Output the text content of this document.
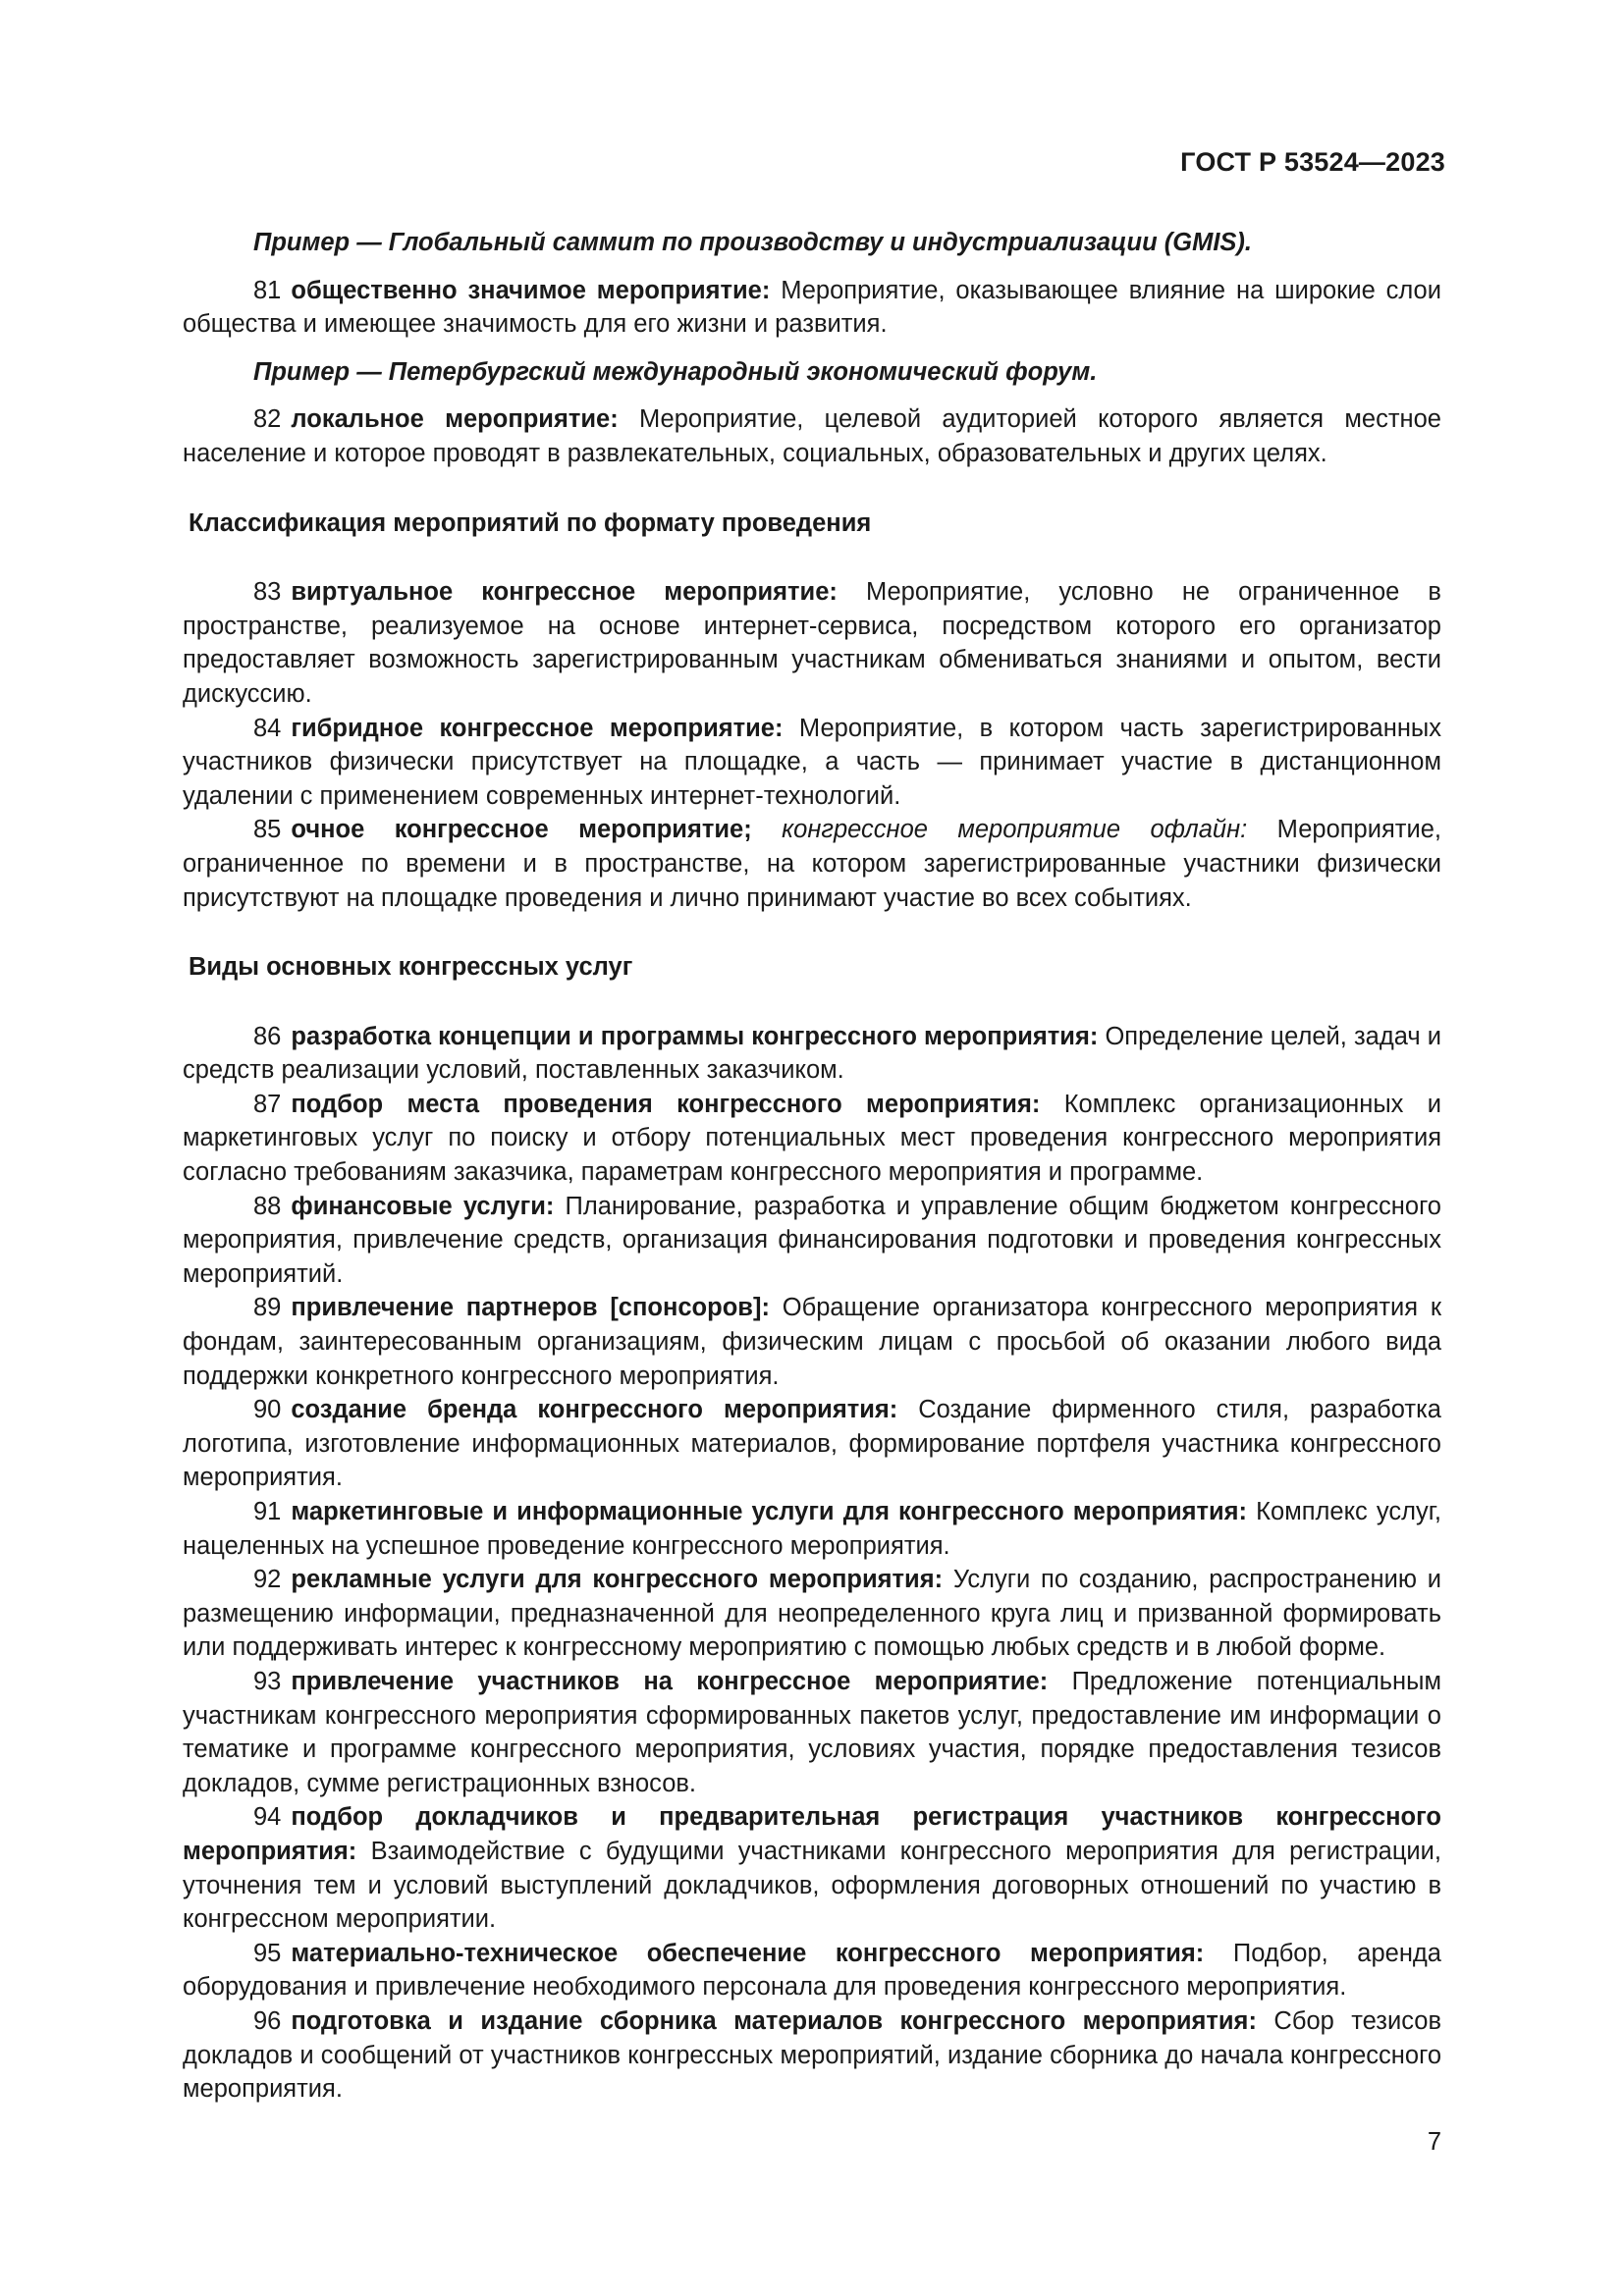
ГОСТ Р 53524—2023

Пример — Глобальный саммит по производству и индустриализации (GMIS).

81 общественно значимое мероприятие: Мероприятие, оказывающее влияние на широкие слои общества и имеющее значимость для его жизни и развития.

Пример — Петербургский международный экономический форум.

82 локальное мероприятие: Мероприятие, целевой аудиторией которого является местное население и которое проводят в развлекательных, социальных, образовательных и других целях.

Классификация мероприятий по формату проведения

83 виртуальное конгрессное мероприятие: Мероприятие, условно не ограниченное в пространстве, реализуемое на основе интернет-сервиса, посредством которого его организатор предоставляет возможность зарегистрированным участникам обмениваться знаниями и опытом, вести дискуссию.

84 гибридное конгрессное мероприятие: Мероприятие, в котором часть зарегистрированных участников физически присутствует на площадке, а часть — принимает участие в дистанционном удалении с применением современных интернет-технологий.

85 очное конгрессное мероприятие; конгрессное мероприятие офлайн: Мероприятие, ограниченное по времени и в пространстве, на котором зарегистрированные участники физически присутствуют на площадке проведения и лично принимают участие во всех событиях.

Виды основных конгрессных услуг

86 разработка концепции и программы конгрессного мероприятия: Определение целей, задач и средств реализации условий, поставленных заказчиком.

87 подбор места проведения конгрессного мероприятия: Комплекс организационных и маркетинговых услуг по поиску и отбору потенциальных мест проведения конгрессного мероприятия согласно требованиям заказчика, параметрам конгрессного мероприятия и программе.

88 финансовые услуги: Планирование, разработка и управление общим бюджетом конгрессного мероприятия, привлечение средств, организация финансирования подготовки и проведения конгрессных мероприятий.

89 привлечение партнеров [спонсоров]: Обращение организатора конгрессного мероприятия к фондам, заинтересованным организациям, физическим лицам с просьбой об оказании любого вида поддержки конкретного конгрессного мероприятия.

90 создание бренда конгрессного мероприятия: Создание фирменного стиля, разработка логотипа, изготовление информационных материалов, формирование портфеля участника конгрессного мероприятия.

91 маркетинговые и информационные услуги для конгрессного мероприятия: Комплекс услуг, нацеленных на успешное проведение конгрессного мероприятия.

92 рекламные услуги для конгрессного мероприятия: Услуги по созданию, распространению и размещению информации, предназначенной для неопределенного круга лиц и призванной формировать или поддерживать интерес к конгрессному мероприятию с помощью любых средств и в любой форме.

93 привлечение участников на конгрессное мероприятие: Предложение потенциальным участникам конгрессного мероприятия сформированных пакетов услуг, предоставление им информации о тематике и программе конгрессного мероприятия, условиях участия, порядке предоставления тезисов докладов, сумме регистрационных взносов.

94 подбор докладчиков и предварительная регистрация участников конгрессного мероприятия: Взаимодействие с будущими участниками конгрессного мероприятия для регистрации, уточнения тем и условий выступлений докладчиков, оформления договорных отношений по участию в конгрессном мероприятии.

95 материально-техническое обеспечение конгрессного мероприятия: Подбор, аренда оборудования и привлечение необходимого персонала для проведения конгрессного мероприятия.

96 подготовка и издание сборника материалов конгрессного мероприятия: Сбор тезисов докладов и сообщений от участников конгрессных мероприятий, издание сборника до начала конгрессного мероприятия.

7
